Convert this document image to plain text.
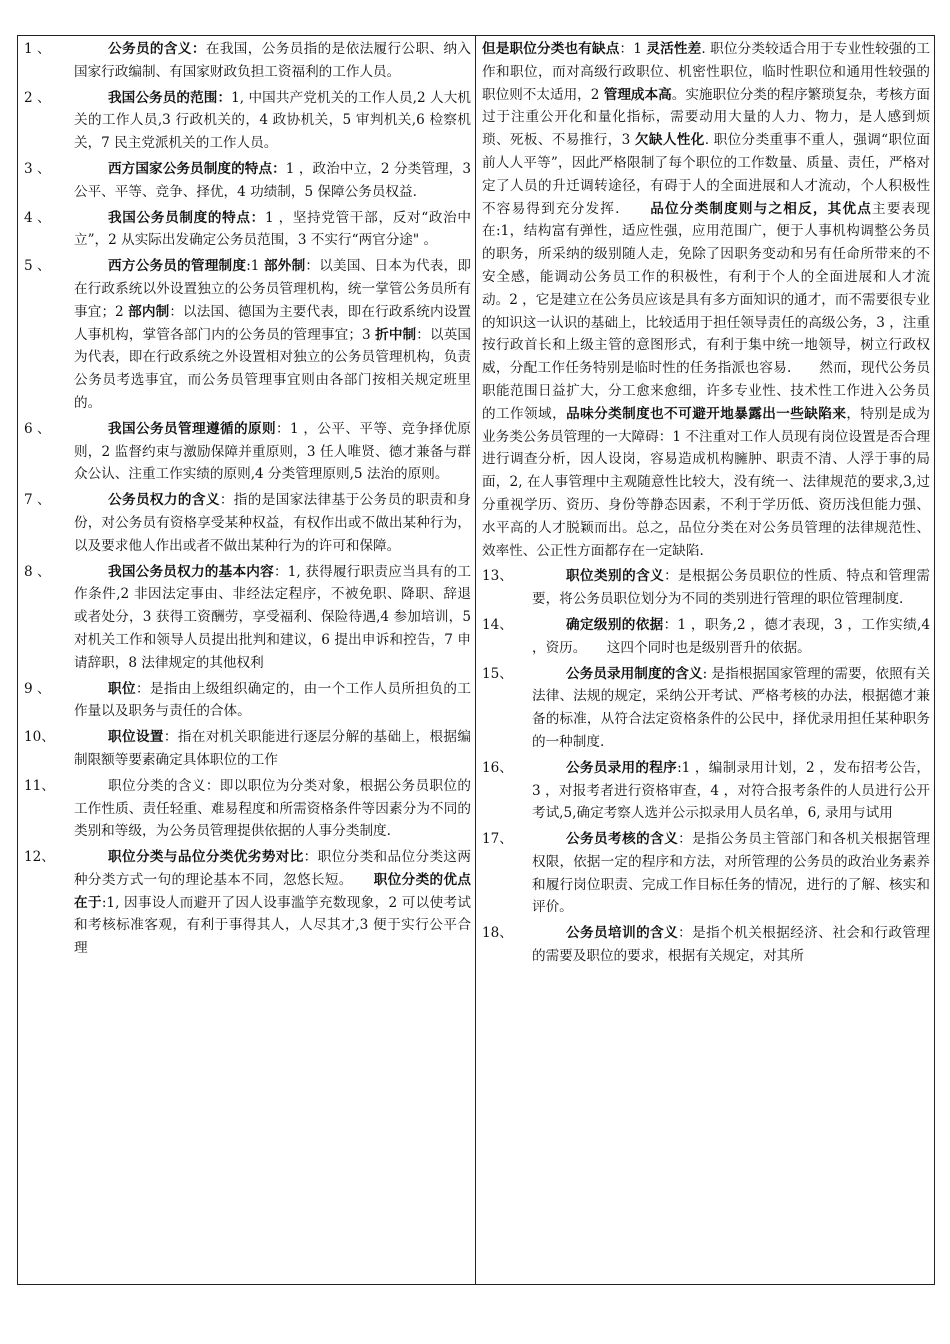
1 、	公务员的含义：在我国，公务员指的是依法履行公职、纳入国家行政编制、有国家财政负担工资福利的工作人员。
2 、	我国公务员的范围：1, 中国共产党机关的工作人员,2 人大机关的工作人员,3 行政机关的，4 政协机关，5 审判机关,6 检察机关，7 民主党派机关的工作人员。
3 、	西方国家公务员制度的特点：1 ，政治中立，2 分类管理，3 公平、平等、竞争、择优，4 功绩制，5 保障公务员权益.
4 、	我国公务员制度的特点：1 ，坚持党管干部，反对“政治中立”，2 从实际出发确定公务员范围，3 不实行“两官分途" 。
5 、	西方公务员的管理制度:1 部外制：以美国、日本为代表，即在行政系统以外设置独立的公务员管理机构，统一掌管公务员所有事宜；2 部内制：以法国、德国为主要代表，即在行政系统内设置人事机构，掌管各部门内的公务员的管理事宜；3 折中制：以英国为代表，即在行政系统之外设置相对独立的公务员管理机构，负责公务员考选事宜，而公务员管理事宜则由各部门按相关规定班里的。
6 、	我国公务员管理遵循的原则：1 ，公平、平等、竞争择优原则，2 监督约束与激励保障并重原则，3 任人唯贤、德才兼备与群众公认、注重工作实绩的原则,4 分类管理原则,5 法治的原则。
7 、	公务员权力的含义：指的是国家法律基于公务员的职责和身份，对公务员有资格享受某种权益，有权作出或不做出某种行为，以及要求他人作出或者不做出某种行为的许可和保障。
8 、	我国公务员权力的基本内容：1, 获得履行职责应当具有的工作条件,2 非因法定事由、非经法定程序，不被免职、降职、辞退或者处分，3 获得工资酬劳，享受福利、保险待遇,4 参加培训，5 对机关工作和领导人员提出批判和建议，6 提出申诉和控告，7 申请辞职，8 法律规定的其他权利
9 、	职位：是指由上级组织确定的，由一个工作人员所担负的工作量以及职务与责任的合体。
10、	职位设置：指在对机关职能进行逐层分解的基础上，根据编制限额等要素确定具体职位的工作
11、	职位分类的含义：即以职位为分类对象，根据公务员职位的工作性质、责任轻重、难易程度和所需资格条件等因素分为不同的类别和等级，为公务员管理提供依据的人事分类制度.
12、	职位分类与品位分类优劣势对比：职位分类和品位分类这两种分类方式一句的理论基本不同，忽悠长短。　　职位分类的优点在于:1, 因事设人而避开了因人设事滥竽充数现象，2 可以使考试和考核标准客观，有利于事得其人，人尽其才,3 便于实行公平合理
但是职位分类也有缺点：1 灵活性差. 职位分类较适合用于专业性较强的工作和职位，而对高级行政职位、机密性职位，临时性职位和通用性较强的职位则不太适用，2 管理成本高。实施职位分类的程序繁琐复杂，考核方面过于注重公开化和量化指标，需要动用大量的人力、物力，是人感到烦琐、死板、不易推行，3 欠缺人性化. 职位分类重事不重人，强调“职位面前人人平等”，因此严格限制了每个职位的工作数量、质量、责任，严格对定了人员的升迁调转途径，有碍于人的全面进展和人才流动，个人积极性不容易得到充分发挥.　　品位分类制度则与之相反，其优点主要表现在:1，结构富有弹性，适应性强，应用范围广，便于人事机构调整公务员的职务，所采纳的级别随人走，免除了因职务变动和另有任命所带来的不安全感，能调动公务员工作的积极性，有利于个人的全面进展和人才流动。2 ，它是建立在公务员应该是具有多方面知识的通才，而不需要很专业的知识这一认识的基础上，比较适用于担任领导责任的高级公务，3 ，注重按行政首长和上级主管的意图形式，有利于集中统一地领导，树立行政权威，分配工作任务特别是临时性的任务指派也容易.　　然而，现代公务员职能范围日益扩大，分工愈来愈细，许多专业性、技术性工作进入公务员的工作领域，品味分类制度也不可避开地暴露出一些缺陷来，特别是成为业务类公务员管理的一大障碍：1 不注重对工作人员现有岗位设置是否合理进行调查分析，因人设岗，容易造成机构臃肿、职责不清、人浮于事的局面，2, 在人事管理中主观随意性比较大，没有统一、法律规范的要求,3,过分重视学历、资历、身份等静态因素，不利于学历低、资历浅但能力强、水平高的人才脱颖而出。总之，品位分类在对公务员管理的法律规范性、效率性、公正性方面都存在一定缺陷.
13、	职位类别的含义：是根据公务员职位的性质、特点和管理需要，将公务员职位划分为不同的类别进行管理的职位管理制度.
14、	确定级别的依据：1 ，职务,2 ，德才表现，3 ，工作实绩,4 ，资历。　　这四个同时也是级别晋升的依据。
15、	公务员录用制度的含义: 是指根据国家管理的需要，依照有关法律、法规的规定，采纳公开考试、严格考核的办法，根据德才兼备的标准，从符合法定资格条件的公民中，择优录用担任某种职务的一种制度.
16、	公务员录用的程序:1 ，编制录用计划，2 ，发布招考公告，3 ，对报考者进行资格审查，4 ，对符合报考条件的人员进行公开考试,5,确定考察人选并公示拟录用人员名单，6, 录用与试用
17、	公务员考核的含义：是指公务员主管部门和各机关根据管理权限，依据一定的程序和方法，对所管理的公务员的政治业务素养和履行岗位职责、完成工作目标任务的情况，进行的了解、核实和评价。
18、	公务员培训的含义：是指个机关根据经济、社会和行政管理的需要及职位的要求，根据有关规定，对其所
